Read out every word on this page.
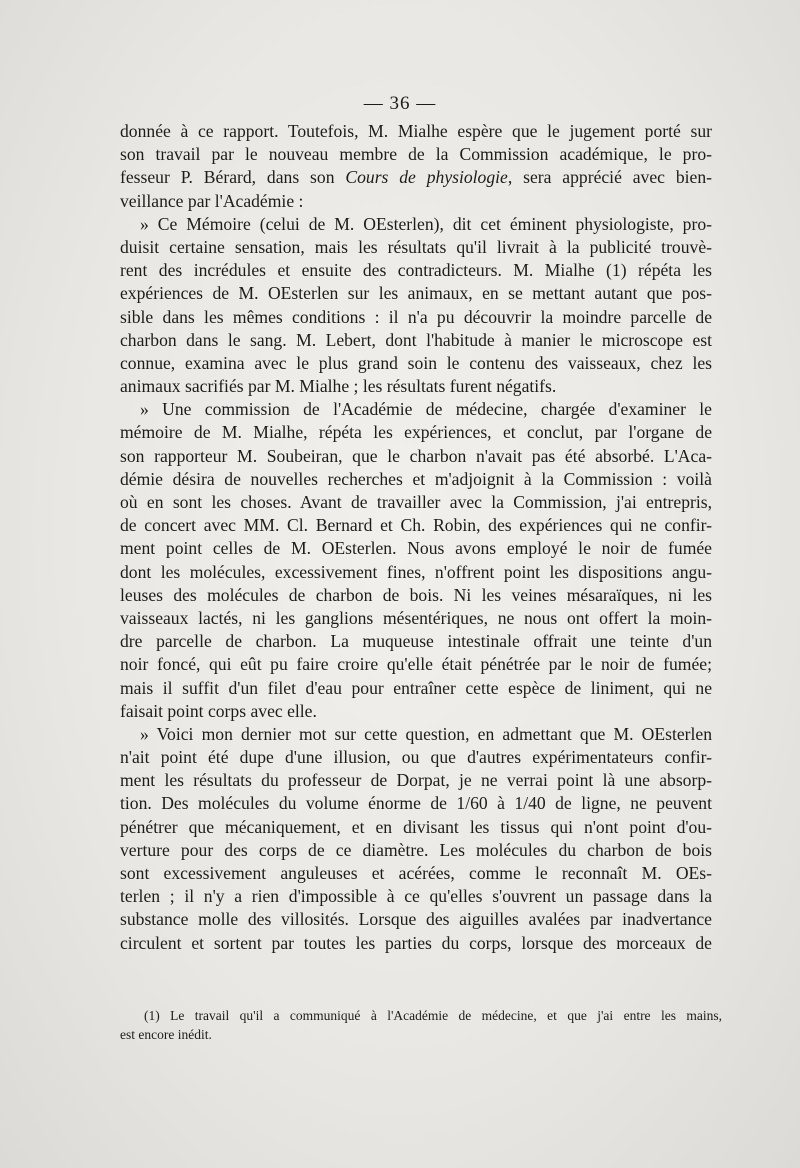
— 36 —
donnée à ce rapport. Toutefois, M. Mialhe espère que le jugement porté sur
son travail par le nouveau membre de la Commission académique, le pro-
fesseur P. Bérard, dans son Cours de physiologie, sera apprécié avec bien-
veillance par l'Académie :
» Ce Mémoire (celui de M. OEsterlen), dit cet éminent physiologiste, pro-
duisit certaine sensation, mais les résultats qu'il livrait à la publicité trouvè-
rent des incrédules et ensuite des contradicteurs. M. Mialhe (1) répéta les
expériences de M. OEsterlen sur les animaux, en se mettant autant que pos-
sible dans les mêmes conditions : il n'a pu découvrir la moindre parcelle de
charbon dans le sang. M. Lebert, dont l'habitude à manier le microscope est
connue, examina avec le plus grand soin le contenu des vaisseaux, chez les
animaux sacrifiés par M. Mialhe ; les résultats furent négatifs.
» Une commission de l'Académie de médecine, chargée d'examiner le
mémoire de M. Mialhe, répéta les expériences, et conclut, par l'organe de
son rapporteur M. Soubeiran, que le charbon n'avait pas été absorbé. L'Aca-
démie désira de nouvelles recherches et m'adjoignit à la Commission : voilà
où en sont les choses. Avant de travailler avec la Commission, j'ai entrepris,
de concert avec MM. Cl. Bernard et Ch. Robin, des expériences qui ne confir-
ment point celles de M. OEsterlen. Nous avons employé le noir de fumée
dont les molécules, excessivement fines, n'offrent point les dispositions angu-
leuses des molécules de charbon de bois. Ni les veines mésaraïques, ni les
vaisseaux lactés, ni les ganglions mésentériques, ne nous ont offert la moin-
dre parcelle de charbon. La muqueuse intestinale offrait une teinte d'un
noir foncé, qui eût pu faire croire qu'elle était pénétrée par le noir de fumée;
mais il suffit d'un filet d'eau pour entraîner cette espèce de liniment, qui ne
faisait point corps avec elle.
» Voici mon dernier mot sur cette question, en admettant que M. OEsterlen
n'ait point été dupe d'une illusion, ou que d'autres expérimentateurs confir-
ment les résultats du professeur de Dorpat, je ne verrai point là une absorp-
tion. Des molécules du volume énorme de 1/60 à 1/40 de ligne, ne peuvent
pénétrer que mécaniquement, et en divisant les tissus qui n'ont point d'ou-
verture pour des corps de ce diamètre. Les molécules du charbon de bois
sont excessivement anguleuses et acérées, comme le reconnaît M. OEs-
terlen ; il n'y a rien d'impossible à ce qu'elles s'ouvrent un passage dans la
substance molle des villosités. Lorsque des aiguilles avalées par inadvertance
circulent et sortent par toutes les parties du corps, lorsque des morceaux de
(1) Le travail qu'il a communiqué à l'Académie de médecine, et que j'ai entre les mains,
est encore inédit.
